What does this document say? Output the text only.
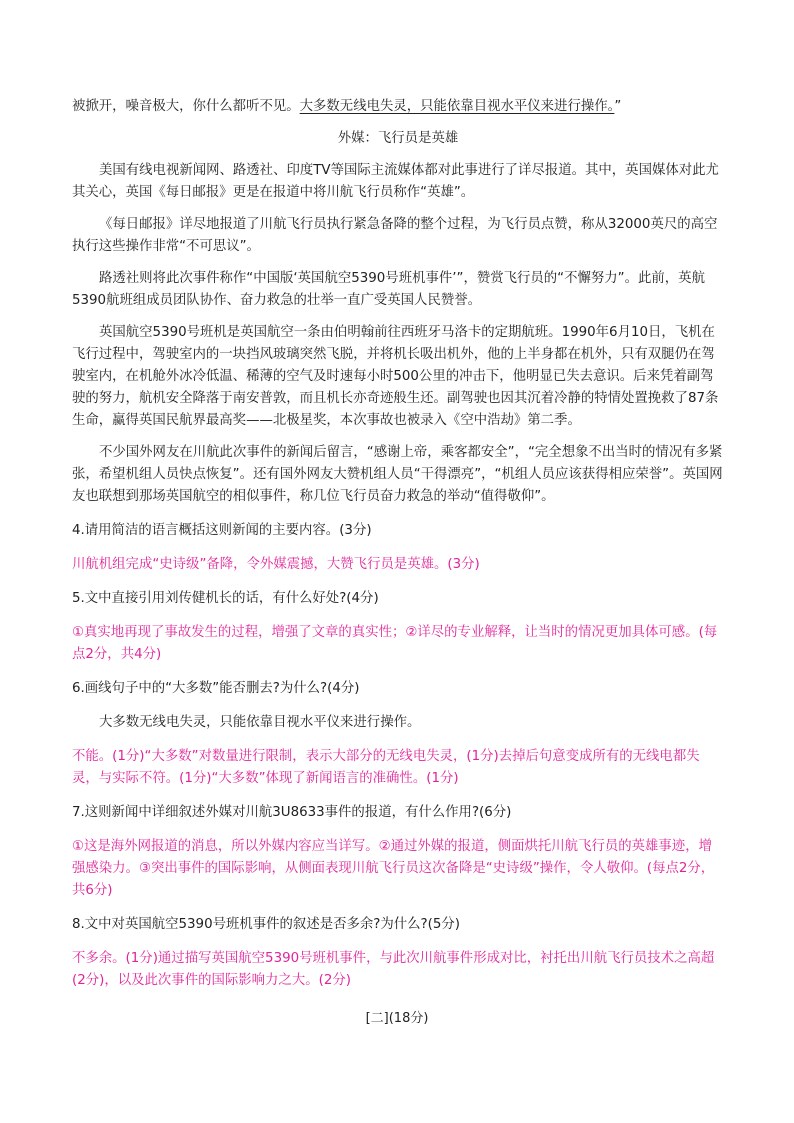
被掀开，噪音极大，你什么都听不见。大多数无线电失灵，只能依靠目视水平仪来进行操作。”

外媒：飞行员是英雄

美国有线电视新闻网、路透社、印度TV等国际主流媒体都对此事进行了详尽报道。其中，英国媒体对此尤其关心，英国《每日邮报》更是在报道中将川航飞行员称作“英雄”。

《每日邮报》详尽地报道了川航飞行员执行紧急备降的整个过程，为飞行员点赞，称从32000英尺的高空执行这些操作非常“不可思议”。

路透社则将此次事件称作“中国版‘英国航空5390号班机事件’”，赞赏飞行员的“不懈努力”。此前，英航5390航班组成员团队协作、奋力救急的壮举一直广受英国人民赞誉。

英国航空5390号班机是英国航空一条由伯明翰前往西班牙马洛卡的定期航班。1990年6月10日，飞机在飞行过程中，驾驶室内的一块挡风玻璃突然飞脱，并将机长吸出机外，他的上半身都在机外，只有双腿仍在驾驶室内，在机舱外冰冷低温、稀薄的空气及时速每小时500公里的冲击下，他明显已失去意识。后来凭着副驾驶的努力，航机安全降落于南安普敦，而且机长亦奇迹般生还。副驾驶也因其沉着冷静的特情处置挽救了87条生命，赢得英国民航界最高奖——北极星奖，本次事故也被录入《空中浩劫》第二季。

不少国外网友在川航此次事件的新闻后留言，“感谢上帝，乘客都安全”，“完全想象不出当时的情况有多紧张，希望机组人员快点恢复”。还有国外网友大赞机组人员“干得漂亮”，“机组人员应该获得相应荣誉”。英国网友也联想到那场英国航空的相似事件，称几位飞行员奋力救急的举动“值得敬仰”。

4.请用简洁的语言概括这则新闻的主要内容。(3分)

川航机组完成“史诗级”备降，令外媒震撼，大赞飞行员是英雄。(3分)

5.文中直接引用刘传健机长的话，有什么好处?(4分)

①真实地再现了事故发生的过程，增强了文章的真实性；②详尽的专业解释，让当时的情况更加具体可感。(每点2分，共4分)

6.画线句子中的“大多数”能否删去?为什么?(4分)

大多数无线电失灵，只能依靠目视水平仪来进行操作。

不能。(1分)“大多数”对数量进行限制，表示大部分的无线电失灵，(1分)去掉后句意变成所有的无线电都失灵，与实际不符。(1分)“大多数”体现了新闻语言的准确性。(1分)

7.这则新闻中详细叙述外媒对川航3U8633事件的报道，有什么作用?(6分)

①这是海外网报道的消息，所以外媒内容应当详写。②通过外媒的报道，侧面烘托川航飞行员的英雄事迹，增强感染力。③突出事件的国际影响，从侧面表现川航飞行员这次备降是“史诗级”操作，令人敬仰。(每点2分，共6分)

8.文中对英国航空5390号班机事件的叙述是否多余?为什么?(5分)

不多余。(1分)通过描写英国航空5390号班机事件，与此次川航事件形成对比，衬托出川航飞行员技术之高超(2分)，以及此次事件的国际影响力之大。(2分)

[二](18分)
